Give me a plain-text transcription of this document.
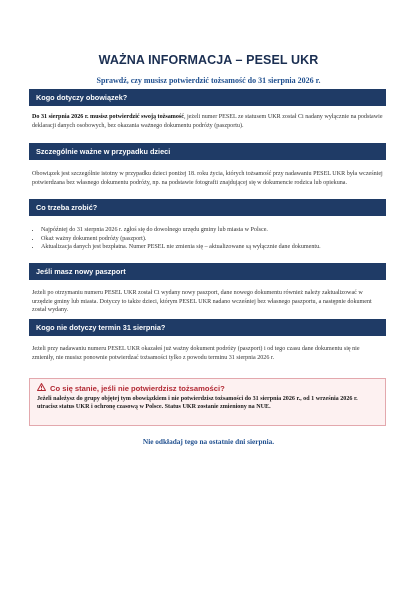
WAŻNA INFORMACJA – PESEL UKR
Sprawdź, czy musisz potwierdzić tożsamość do 31 sierpnia 2026 r.
Kogo dotyczy obowiązek?
Do 31 sierpnia 2026 r. musisz potwierdzić swoją tożsamość, jeżeli numer PESEL ze statusem UKR został Ci nadany wyłącznie na podstawie deklaracji danych osobowych, bez okazania ważnego dokumentu podróży (paszportu).
Szczególnie ważne w przypadku dzieci
Obowiązek jest szczególnie istotny w przypadku dzieci poniżej 18. roku życia, których tożsamość przy nadawaniu PESEL UKR była wcześniej potwierdzana bez własnego dokumentu podróży, np. na podstawie fotografii znajdującej się w dokumencie rodzica lub opiekuna.
Co trzeba zrobić?
• Najpóźniej do 31 sierpnia 2026 r. zgłoś się do dowolnego urzędu gminy lub miasta w Polsce.
• Okaż ważny dokument podróży (paszport).
• Aktualizacja danych jest bezpłatna. Numer PESEL nie zmienia się – aktualizowane są wyłącznie dane dokumentu.
Jeśli masz nowy paszport
Jeżeli po otrzymaniu numeru PESEL UKR został Ci wydany nowy paszport, dane nowego dokumentu również należy zaktualizować w urzędzie gminy lub miasta. Dotyczy to także dzieci, którym PESEL UKR nadano wcześniej bez własnego paszportu, a następnie dokument został wydany.
Kogo nie dotyczy termin 31 sierpnia?
Jeżeli przy nadawaniu numeru PESEL UKR okazałeś już ważny dokument podróży (paszport) i od tego czasu dane dokumentu się nie zmieniły, nie musisz ponownie potwierdzać tożsamości tylko z powodu terminu 31 sierpnia 2026 r.
Co się stanie, jeśli nie potwierdzisz tożsamości?
Jeżeli należysz do grupy objętej tym obowiązkiem i nie potwierdzisz tożsamości do 31 sierpnia 2026 r., od 1 września 2026 r. utracisz status UKR i ochronę czasową w Polsce. Status UKR zostanie zmieniony na NUE.
Nie odkładaj tego na ostatnie dni sierpnia.
